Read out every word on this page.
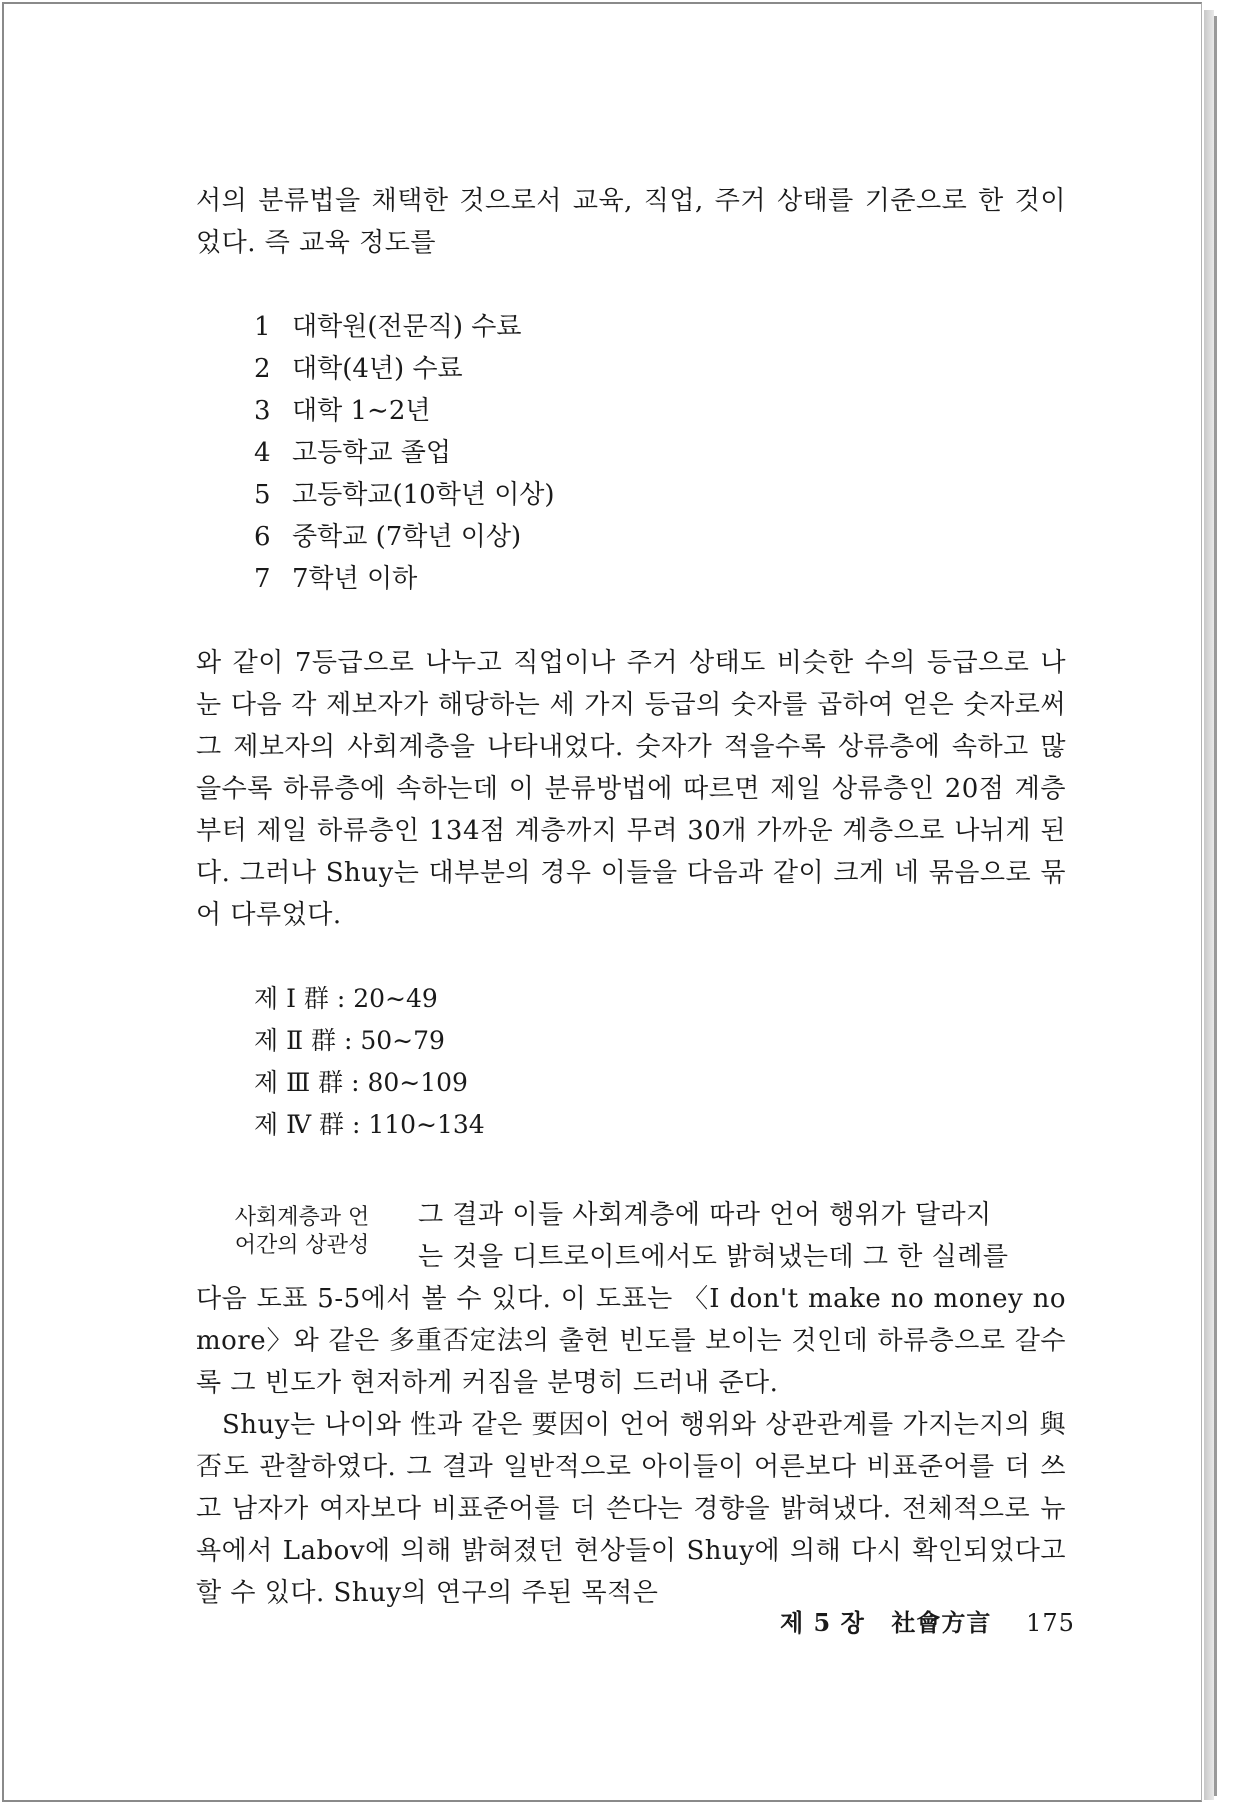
서의 분류법을 채택한 것으로서 교육, 직업, 주거 상태를 기준으로 한 것이었다. 즉 교육 정도를

1 대학원(전문직) 수료
2 대학(4년) 수료
3 대학 1∼2년
4 고등학교 졸업
5 고등학교(10학년 이상)
6 중학교 (7학년 이상)
7 7학년 이하

와 같이 7등급으로 나누고 직업이나 주거 상태도 비슷한 수의 등급으로 나눈 다음 각 제보자가 해당하는 세 가지 등급의 숫자를 곱하여 얻은 숫자로써 그 제보자의 사회계층을 나타내었다. 숫자가 적을수록 상류층에 속하고 많을수록 하류층에 속하는데 이 분류방법에 따르면 제일 상류층인 20점 계층부터 제일 하류층인 134점 계층까지 무려 30개 가까운 계층으로 나뉘게 된다. 그러나 Shuy는 대부분의 경우 이들을 다음과 같이 크게 네 묶음으로 묶어 다루었다.

제 Ⅰ 群 : 20∼49
제 Ⅱ 群 : 50∼79
제 Ⅲ 群 : 80∼109
제 Ⅳ 群 : 110∼134
사회계층과 언
어간의 상관성

그 결과 이들 사회계층에 따라 언어 행위가 달라지

는 것을 디트로이트에서도 밝혀냈는데 그 한 실례를

다음 도표 5-5에서 볼 수 있다. 이 도표는 〈I don't make no money no more〉와 같은 多重否定法의 출현 빈도를 보이는 것인데 하류층으로 갈수록 그 빈도가 현저하게 커짐을 분명히 드러내 준다.

Shuy는 나이와 性과 같은 要因이 언어 행위와 상관관계를 가지는지의 與否도 관찰하였다. 그 결과 일반적으로 아이들이 어른보다 비표준어를 더 쓰고 남자가 여자보다 비표준어를 더 쓴다는 경향을 밝혀냈다. 전체적으로 뉴욕에서 Labov에 의해 밝혀졌던 현상들이 Shuy에 의해 다시 확인되었다고 할 수 있다. Shuy의 연구의 주된 목적은

제 5 장 社會方言 175
